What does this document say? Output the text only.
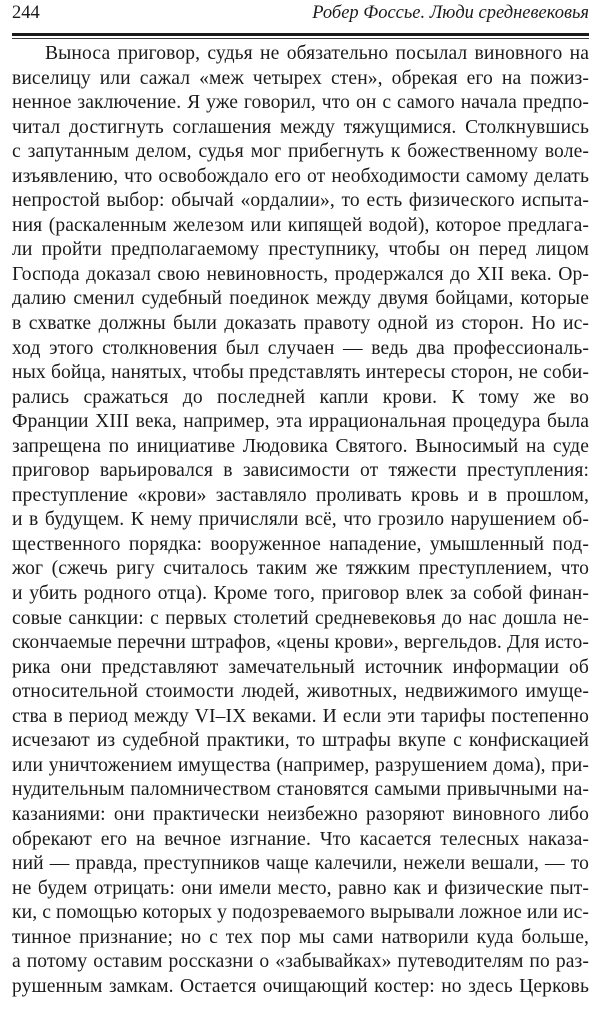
244	Робер Фоссье. Люди средневековья
Выноса приговор, судья не обязательно посылал виновного на
виселицу или сажал «меж четырех стен», обрекая его на пожиз-
ненное заключение. Я уже говорил, что он с самого начала предпо-
читал достигнуть соглашения между тяжущимися. Столкнувшись
с запутанным делом, судья мог прибегнуть к божественному воле-
изъявлению, что освобождало его от необходимости самому делать
непростой выбор: обычай «ордалии», то есть физического испыта-
ния (раскаленным железом или кипящей водой), которое предлага-
ли пройти предполагаемому преступнику, чтобы он перед лицом
Господа доказал свою невиновность, продержался до XII века. Ор-
далию сменил судебный поединок между двумя бойцами, которые
в схватке должны были доказать правоту одной из сторон. Но ис-
ход этого столкновения был случаен — ведь два профессиональ-
ных бойца, нанятых, чтобы представлять интересы сторон, не соби-
рались сражаться до последней капли крови. К тому же во
Франции XIII века, например, эта иррациональная процедура была
запрещена по инициативе Людовика Святого. Выносимый на суде
приговор варьировался в зависимости от тяжести преступления:
преступление «крови» заставляло проливать кровь и в прошлом,
и в будущем. К нему причисляли всё, что грозило нарушением об-
щественного порядка: вооруженное нападение, умышленный под-
жог (сжечь ригу считалось таким же тяжким преступлением, что
и убить родного отца). Кроме того, приговор влек за собой финан-
совые санкции: с первых столетий средневековья до нас дошла не-
скончаемые перечни штрафов, «цены крови», вергельдов. Для исто-
рика они представляют замечательный источник информации об
относительной стоимости людей, животных, недвижимого имуще-
ства в период между VI–IX веками. И если эти тарифы постепенно
исчезают из судебной практики, то штрафы вкупе с конфискацией
или уничтожением имущества (например, разрушением дома), при-
нудительным паломничеством становятся самыми привычными на-
казаниями: они практически неизбежно разоряют виновного либо
обрекают его на вечное изгнание. Что касается телесных наказа-
ний — правда, преступников чаще калечили, нежели вешали, — то
не будем отрицать: они имели место, равно как и физические пыт-
ки, с помощью которых у подозреваемого вырывали ложное или ис-
тинное признание; но с тех пор мы сами натворили куда больше,
а потому оставим россказни о «забывайках» путеводителям по раз-
рушенным замкам. Остается очищающий костер: но здесь Церковь
